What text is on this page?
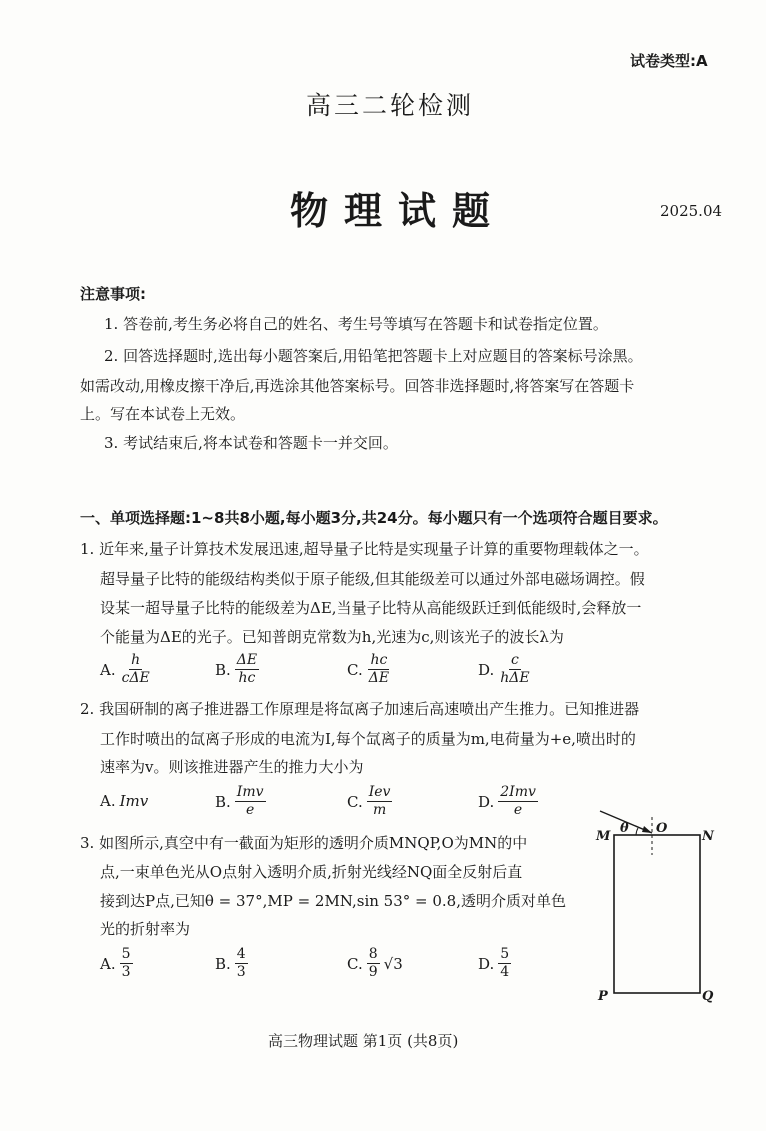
试卷类型:A
高三二轮检测
物理试题	2025.04
注意事项:
1. 答卷前,考生务必将自己的姓名、考生号等填写在答题卡和试卷指定位置。
2. 回答选择题时,选出每小题答案后,用铅笔把答题卡上对应题目的答案标号涂黑。
如需改动,用橡皮擦干净后,再选涂其他答案标号。回答非选择题时,将答案写在答题卡
上。写在本试卷上无效。
3. 考试结束后,将本试卷和答题卡一并交回。
一、单项选择题:1~8共8小题,每小题3分,共24分。每小题只有一个选项符合题目要求。
1. 近年来,量子计算技术发展迅速,超导量子比特是实现量子计算的重要物理载体之一。
超导量子比特的能级结构类似于原子能级,但其能级差可以通过外部电磁场调控。假
设某一超导量子比特的能级差为ΔE,当量子比特从高能级跃迁到低能级时,会释放一
个能量为ΔE的光子。已知普朗克常数为h,光速为c,则该光子的波长λ为
A. $\frac{h}{\text{cΔE}}$	B. $\frac{\Delta E}{hc}$	C. $\frac{hc}{\Delta E}$	D. $\frac{c}{\text{hΔE}}$
2. 我国研制的离子推进器工作原理是将氙离子加速后高速喷出产生推力。已知推进器
工作时喷出的氙离子形成的电流为I,每个氙离子的质量为m,电荷量为+e,喷出时的
速率为v。则该推进器产生的推力大小为
A. Imv	B. $\frac{\text{Imv}}{e}$	C. $\frac{\text{Iev}}{m}$	D. $\frac{\text{2Imv}}{e}$
3. 如图所示,真空中有一截面为矩形的透明介质MNQP,O为MN的中
点,一束单色光从O点射入透明介质,折射光线经NQ面全反射后直
接到达P点,已知θ = 37°,MP = 2MN,sin 53° = 0.8,透明介质对单色
光的折射率为
A. $\frac{5}{3}$	B. $\frac{4}{3}$	C. $\frac{8}{9} √3$	D. $\frac{5}{4}$
M
θ O
N
P	Q
高三物理试题 第1页 (共8页)
